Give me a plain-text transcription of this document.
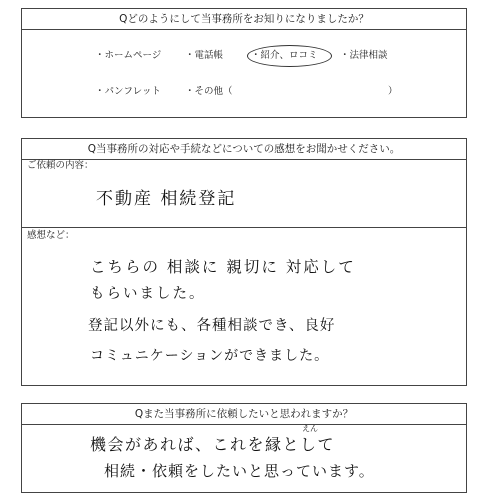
Qどのようにして当事務所をお知りになりましたか？
・ホームページ ・電話帳	・紹介、ロコミ ・法律相談
・パンフレット	・その他（	）
Q当事務所の対応や手続などについての感想をお聞かせください。
ご依頼の内容：
不動産 相続登記
感想など：
こちらの 相談に 親切に 対応して
もらいました。
登記以外にも、各種相談でき、良好
コミュニケーションができました。
Qまた当事務所に依頼したいと思われますか？
えん
機会があれば、これを縁として
相続・依頼をしたいと思っています。
